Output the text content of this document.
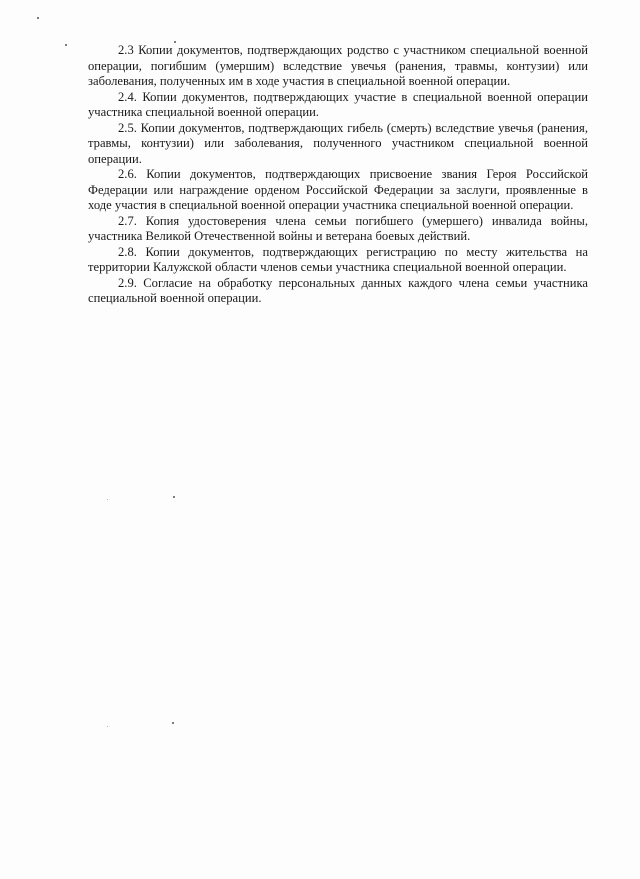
2.3 Копии документов, подтверждающих родство с участником специальной военной операции, погибшим (умершим) вследствие увечья (ранения, травмы, контузии) или заболевания, полученных им в ходе участия в специальной военной операции.

2.4. Копии документов, подтверждающих участие в специальной военной операции участника специальной военной операции.

2.5. Копии документов, подтверждающих гибель (смерть) вследствие увечья (ранения, травмы, контузии) или заболевания, полученного участником специальной военной операции.

2.6. Копии документов, подтверждающих присвоение звания Героя Российской Федерации или награждение орденом Российской Федерации за заслуги, проявленные в ходе участия в специальной военной операции участника специальной военной операции.

2.7. Копия удостоверения члена семьи погибшего (умершего) инвалида войны, участника Великой Отечественной войны и ветерана боевых действий.

2.8. Копии документов, подтверждающих регистрацию по месту жительства на территории Калужской области членов семьи участника специальной военной операции.

2.9. Согласие на обработку персональных данных каждого члена семьи участника специальной военной операции.
